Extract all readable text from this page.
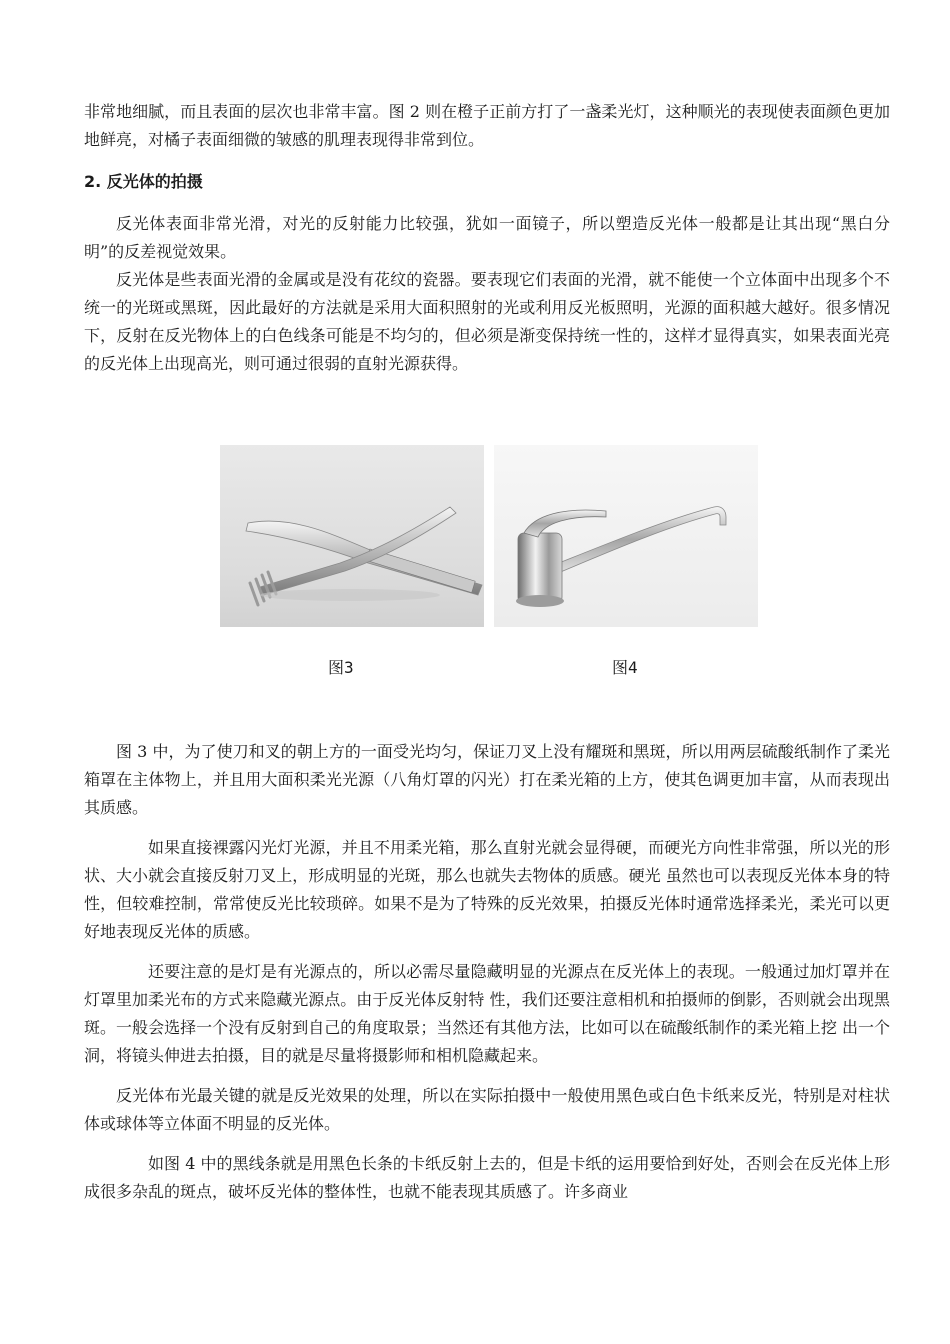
非常地细腻，而且表面的层次也非常丰富。图 2 则在橙子正前方打了一盏柔光灯，这种顺光的表现使表面颜色更加地鲜亮，对橘子表面细微的皱感的肌理表现得非常到位。

2. 反光体的拍摄

反光体表面非常光滑，对光的反射能力比较强，犹如一面镜子，所以塑造反光体一般都是让其出现“黑白分明”的反差视觉效果。

反光体是些表面光滑的金属或是没有花纹的瓷器。要表现它们表面的光滑，就不能使一个立体面中出现多个不统一的光斑或黑斑，因此最好的方法就是采用大面积照射的光或利用反光板照明，光源的面积越大越好。很多情况下，反射在反光物体上的白色线条可能是不均匀的，但必须是渐变保持统一性的，这样才显得真实，如果表面光亮的反光体上出现高光，则可通过很弱的直射光源获得。

图3	图4

图 3 中，为了使刀和叉的朝上方的一面受光均匀，保证刀叉上没有耀斑和黑斑，所以用两层硫酸纸制作了柔光箱罩在主体物上，并且用大面积柔光光源（八角灯罩的闪光）打在柔光箱的上方，使其色调更加丰富，从而表现出其质感。

如果直接裸露闪光灯光源，并且不用柔光箱，那么直射光就会显得硬，而硬光方向性非常强，所以光的形状、大小就会直接反射刀叉上，形成明显的光斑，那么也就失去物体的质感。硬光 虽然也可以表现反光体本身的特性，但较难控制，常常使反光比较琐碎。如果不是为了特殊的反光效果，拍摄反光体时通常选择柔光，柔光可以更好地表现反光体的质感。

还要注意的是灯是有光源点的，所以必需尽量隐藏明显的光源点在反光体上的表现。一般通过加灯罩并在灯罩里加柔光布的方式来隐藏光源点。由于反光体反射特 性，我们还要注意相机和拍摄师的倒影，否则就会出现黑斑。一般会选择一个没有反射到自己的角度取景；当然还有其他方法，比如可以在硫酸纸制作的柔光箱上挖 出一个洞，将镜头伸进去拍摄，目的就是尽量将摄影师和相机隐藏起来。

反光体布光最关键的就是反光效果的处理，所以在实际拍摄中一般使用黑色或白色卡纸来反光，特别是对柱状体或球体等立体面不明显的反光体。

如图 4 中的黑线条就是用黑色长条的卡纸反射上去的，但是卡纸的运用要恰到好处，否则会在反光体上形成很多杂乱的斑点，破坏反光体的整体性，也就不能表现其质感了。许多商业
